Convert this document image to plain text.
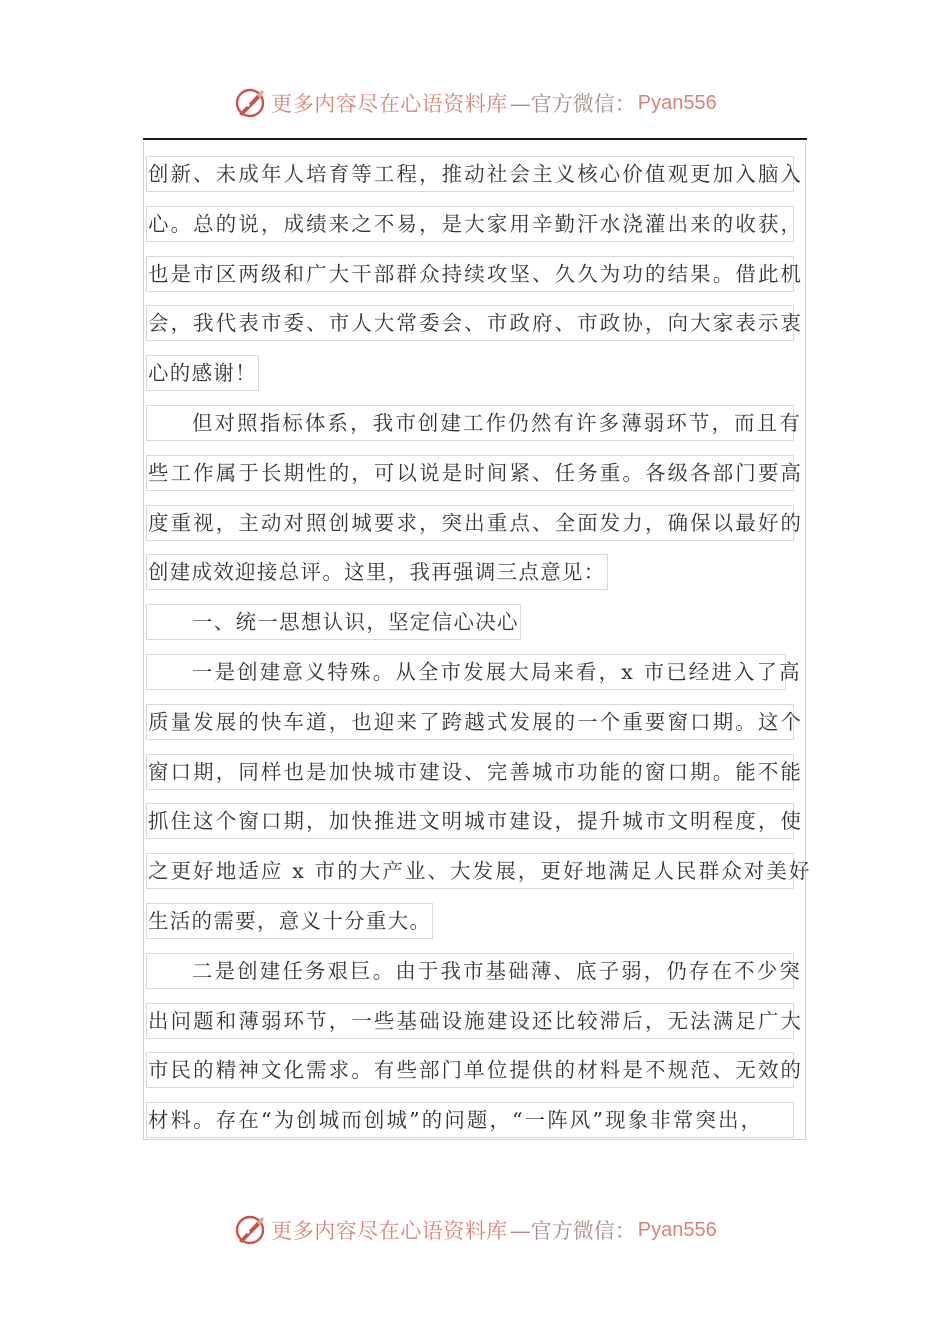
更多内容尽在心语资料库 —官方微信： Pyan556
创新、未成年人培育等工程，推动社会主义核心价值观更加入脑入
心。总的说，成绩来之不易，是大家用辛勤汗水浇灌出来的收获，
也是市区两级和广大干部群众持续攻坚、久久为功的结果。借此机
会，我代表市委、市人大常委会、市政府、市政协，向大家表示衷
心的感谢！
但对照指标体系，我市创建工作仍然有许多薄弱环节，而且有
些工作属于长期性的，可以说是时间紧、任务重。各级各部门要高
度重视，主动对照创城要求，突出重点、全面发力，确保以最好的
创建成效迎接总评。这里，我再强调三点意见：
一、统一思想认识，坚定信心决心
一是创建意义特殊。从全市发展大局来看，x 市已经进入了高
质量发展的快车道，也迎来了跨越式发展的一个重要窗口期。这个
窗口期，同样也是加快城市建设、完善城市功能的窗口期。能不能
抓住这个窗口期，加快推进文明城市建设，提升城市文明程度，使
之更好地适应 x 市的大产业、大发展，更好地满足人民群众对美好
生活的需要，意义十分重大。
二是创建任务艰巨。由于我市基础薄、底子弱，仍存在不少突
出问题和薄弱环节，一些基础设施建设还比较滞后，无法满足广大
市民的精神文化需求。有些部门单位提供的材料是不规范、无效的
材料。存在“为创城而创城”的问题，“一阵风”现象非常突出，
更多内容尽在心语资料库 —官方微信： Pyan556
